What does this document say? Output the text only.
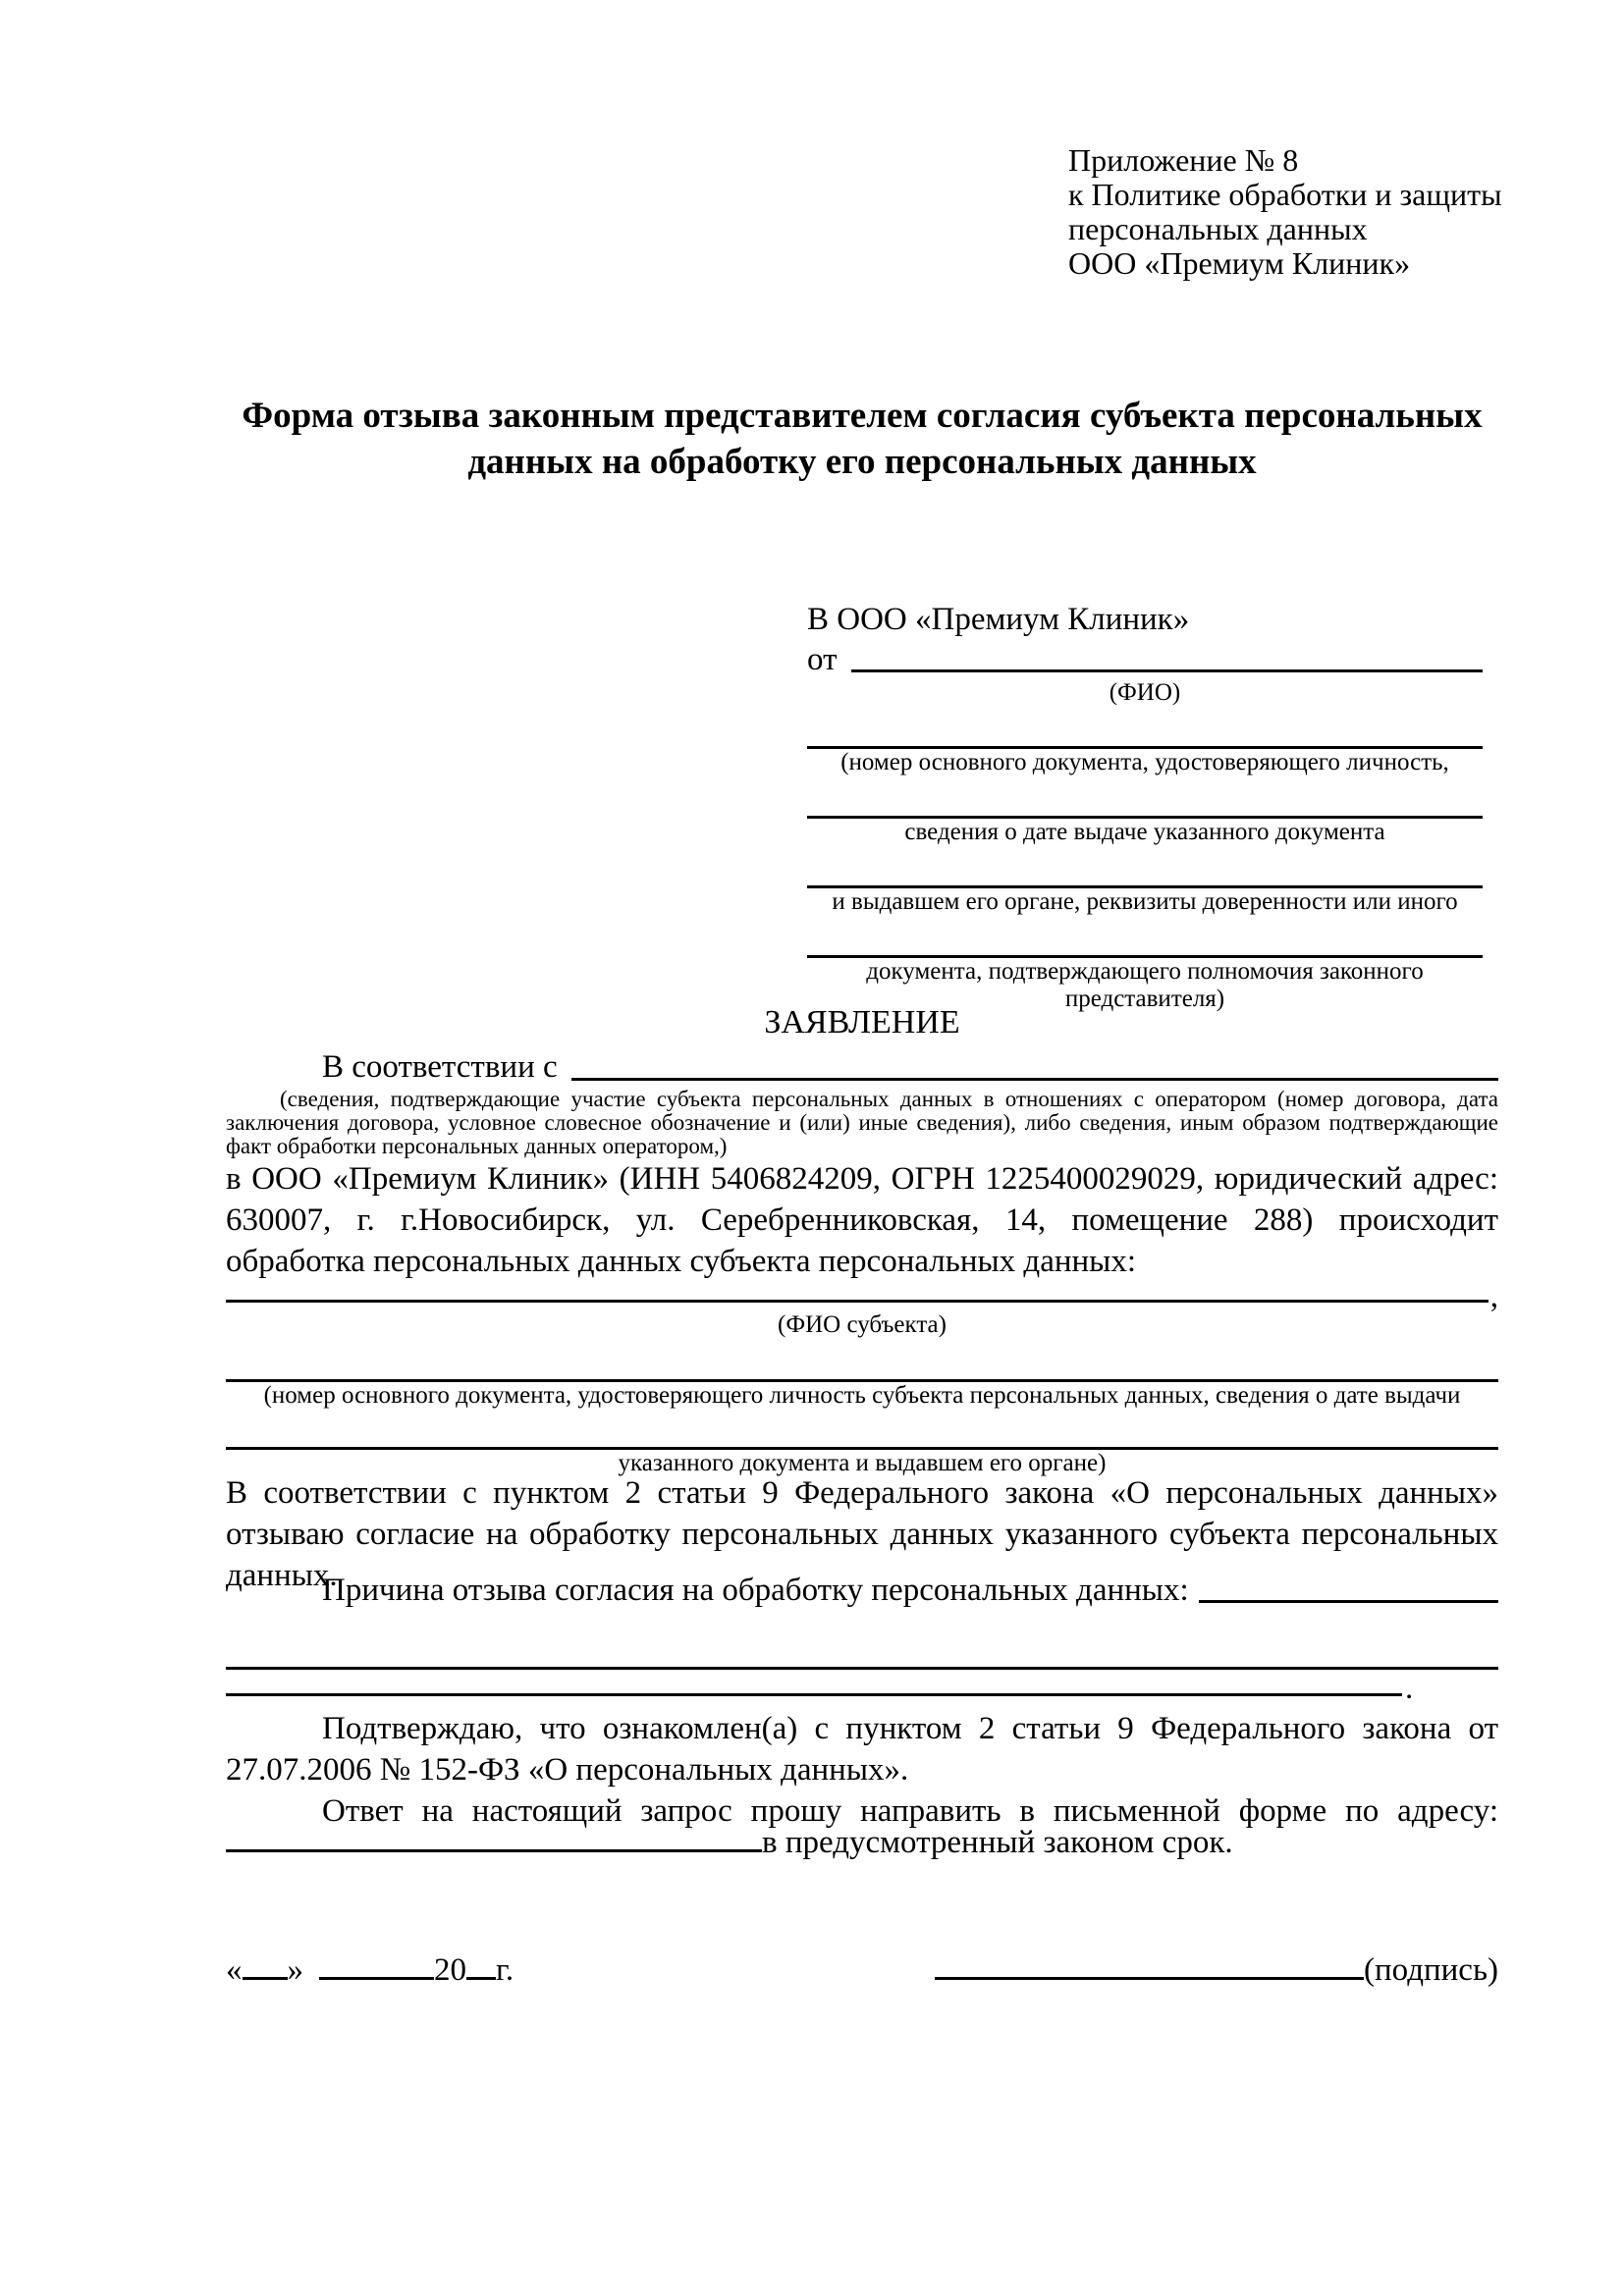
Приложение № 8
к Политике обработки и защиты
персональных данных
ООО «Премиум Клиник»
Форма отзыва законным представителем согласия субъекта персональных данных на обработку его персональных данных
В ООО «Премиум Клиник»
от
(ФИО)
(номер основного документа, удостоверяющего личность,
сведения о дате выдаче указанного документа
и выдавшем его органе, реквизиты доверенности или иного
документа, подтверждающего полномочия законного представителя)
ЗАЯВЛЕНИЕ
В соответствии с
(сведения, подтверждающие участие субъекта персональных данных в отношениях с оператором (номер договора, дата заключения договора, условное словесное обозначение и (или) иные сведения), либо сведения, иным образом подтверждающие факт обработки персональных данных оператором,)
в ООО «Премиум Клиник» (ИНН 5406824209, ОГРН 1225400029029, юридический адрес: 630007, г. г.Новосибирск, ул. Серебренниковская, 14, помещение 288) происходит обработка персональных данных субъекта персональных данных:
,
(ФИО субъекта)
(номер основного документа, удостоверяющего личность субъекта персональных данных, сведения о дате выдачи
указанного документа и выдавшем его органе)
В соответствии с пунктом 2 статьи 9 Федерального закона «О персональных данных» отзываю согласие на обработку персональных данных указанного субъекта персональных данных.
Причина отзыва согласия на обработку персональных данных:
.
Подтверждаю, что ознакомлен(а) с пунктом 2 статьи 9 Федерального закона от 27.07.2006 № 152-ФЗ «О персональных данных».
Ответ на настоящий запрос прошу направить в письменной форме по адресу:
в предусмотренный законом срок.
« »	20 г.	(подпись)
